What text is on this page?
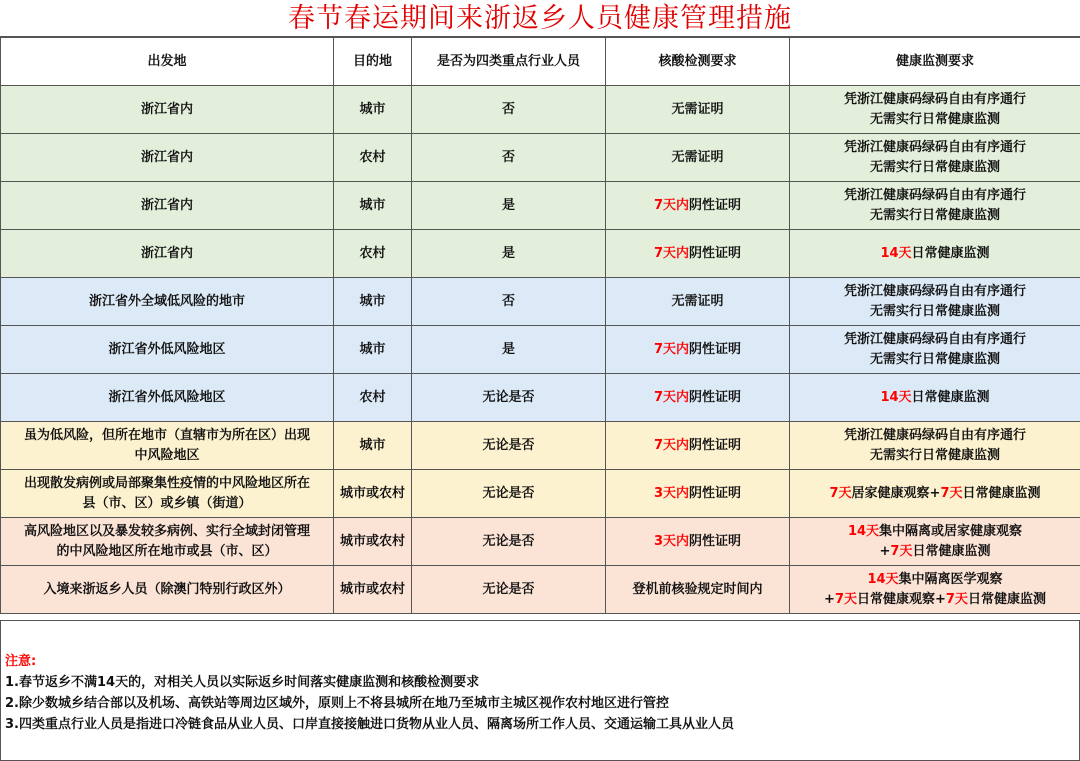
春节春运期间来浙返乡人员健康管理措施
出发地	目的地	是否为四类重点行业人员	核酸检测要求	健康监测要求
浙江省内	城市	否	无需证明	凭浙江健康码绿码自由有序通行
无需实行日常健康监测
浙江省内	农村	否	无需证明	凭浙江健康码绿码自由有序通行
无需实行日常健康监测
浙江省内	城市	是	7天内阴性证明	凭浙江健康码绿码自由有序通行
无需实行日常健康监测
浙江省内	农村	是	7天内阴性证明	14天日常健康监测
浙江省外全域低风险的地市	城市	否	无需证明	凭浙江健康码绿码自由有序通行
无需实行日常健康监测
浙江省外低风险地区	城市	是	7天内阴性证明	凭浙江健康码绿码自由有序通行
无需实行日常健康监测
浙江省外低风险地区	农村	无论是否	7天内阴性证明	14天日常健康监测
虽为低风险，但所在地市（直辖市为所在区）出现
中风险地区	城市	无论是否	7天内阴性证明	凭浙江健康码绿码自由有序通行
无需实行日常健康监测
出现散发病例或局部聚集性疫情的中风险地区所在
县（市、区）或乡镇（街道）	城市或农村	无论是否	3天内阴性证明	7天居家健康观察+7天日常健康监测
高风险地区以及暴发较多病例、实行全域封闭管理
的中风险地区所在地市或县（市、区）	城市或农村	无论是否	3天内阴性证明	14天集中隔离或居家健康观察
+7天日常健康监测
入境来浙返乡人员（除澳门特别行政区外）	城市或农村	无论是否	登机前核验规定时间内	14天集中隔离医学观察
+7天日常健康观察+7天日常健康监测
注意:
1.春节返乡不满14天的，对相关人员以实际返乡时间落实健康监测和核酸检测要求
2.除少数城乡结合部以及机场、高铁站等周边区域外，原则上不将县城所在地乃至城市主城区视作农村地区进行管控
3.四类重点行业人员是指进口冷链食品从业人员、口岸直接接触进口货物从业人员、隔离场所工作人员、交通运输工具从业人员
